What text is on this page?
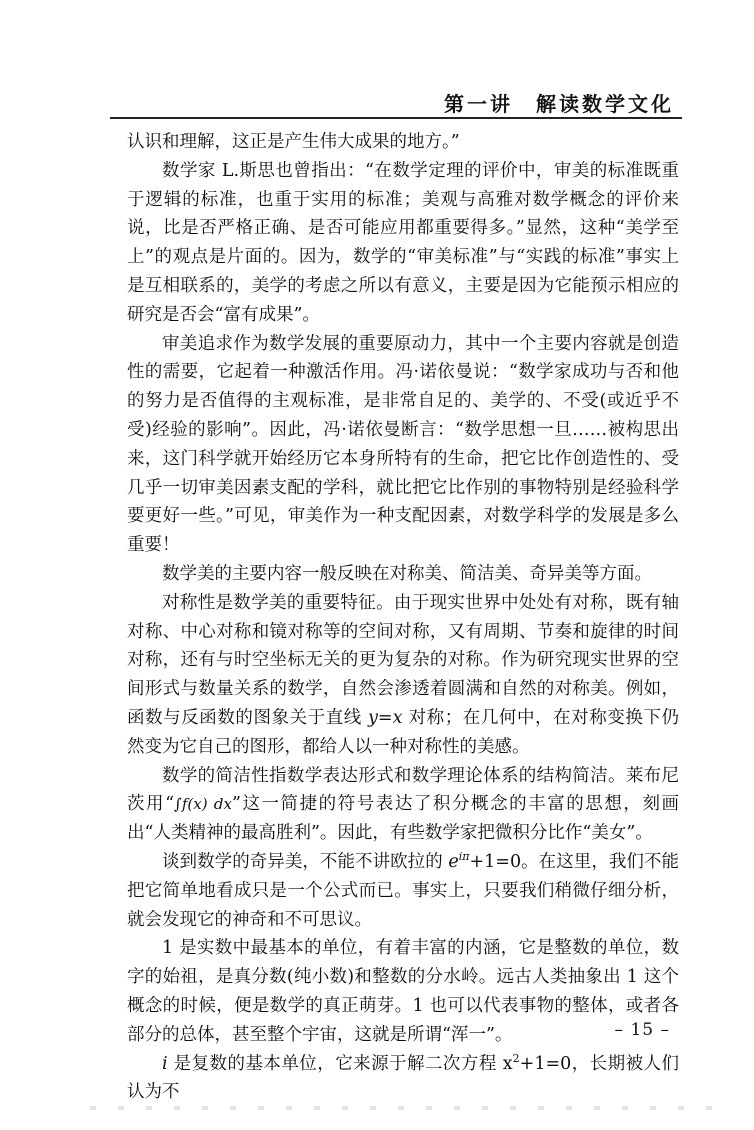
第一讲　解读数学文化

认识和理解，这正是产生伟大成果的地方。”

数学家 L.斯思也曾指出：“在数学定理的评价中，审美的标准既重于逻辑的标准，也重于实用的标准；美观与高雅对数学概念的评价来说，比是否严格正确、是否可能应用都重要得多。”显然，这种“美学至上”的观点是片面的。因为，数学的“审美标准”与“实践的标准”事实上是互相联系的，美学的考虑之所以有意义，主要是因为它能预示相应的研究是否会“富有成果”。

审美追求作为数学发展的重要原动力，其中一个主要内容就是创造性的需要，它起着一种激活作用。冯·诺依曼说：“数学家成功与否和他的努力是否值得的主观标准，是非常自足的、美学的、不受(或近乎不受)经验的影响”。因此，冯·诺依曼断言：“数学思想一旦……被构思出来，这门科学就开始经历它本身所特有的生命，把它比作创造性的、受几乎一切审美因素支配的学科，就比把它比作别的事物特别是经验科学要更好一些。”可见，审美作为一种支配因素，对数学科学的发展是多么重要！

数学美的主要内容一般反映在对称美、简洁美、奇异美等方面。

对称性是数学美的重要特征。由于现实世界中处处有对称，既有轴对称、中心对称和镜对称等的空间对称，又有周期、节奏和旋律的时间对称，还有与时空坐标无关的更为复杂的对称。作为研究现实世界的空间形式与数量关系的数学，自然会渗透着圆满和自然的对称美。例如，函数与反函数的图象关于直线 y=x 对称；在几何中，在对称变换下仍然变为它自己的图形，都给人以一种对称性的美感。

数学的简洁性指数学表达形式和数学理论体系的结构简洁。莱布尼茨用“∫f(x) dx”这一简捷的符号表达了积分概念的丰富的思想，刻画出“人类精神的最高胜利”。因此，有些数学家把微积分比作“美女”。

谈到数学的奇异美，不能不讲欧拉的 $e^{i\pi}+1=0$。在这里，我们不能把它简单地看成只是一个公式而已。事实上，只要我们稍微仔细分析，就会发现它的神奇和不可思议。

1 是实数中最基本的单位，有着丰富的内涵，它是整数的单位，数字的始祖，是真分数(纯小数)和整数的分水岭。远古人类抽象出 1 这个概念的时候，便是数学的真正萌芽。1 也可以代表事物的整体，或者各部分的总体，甚至整个宇宙，这就是所谓“浑一”。

i 是复数的基本单位，它来源于解二次方程 $x^2+1=0$，长期被人们认为不

– 15 –
